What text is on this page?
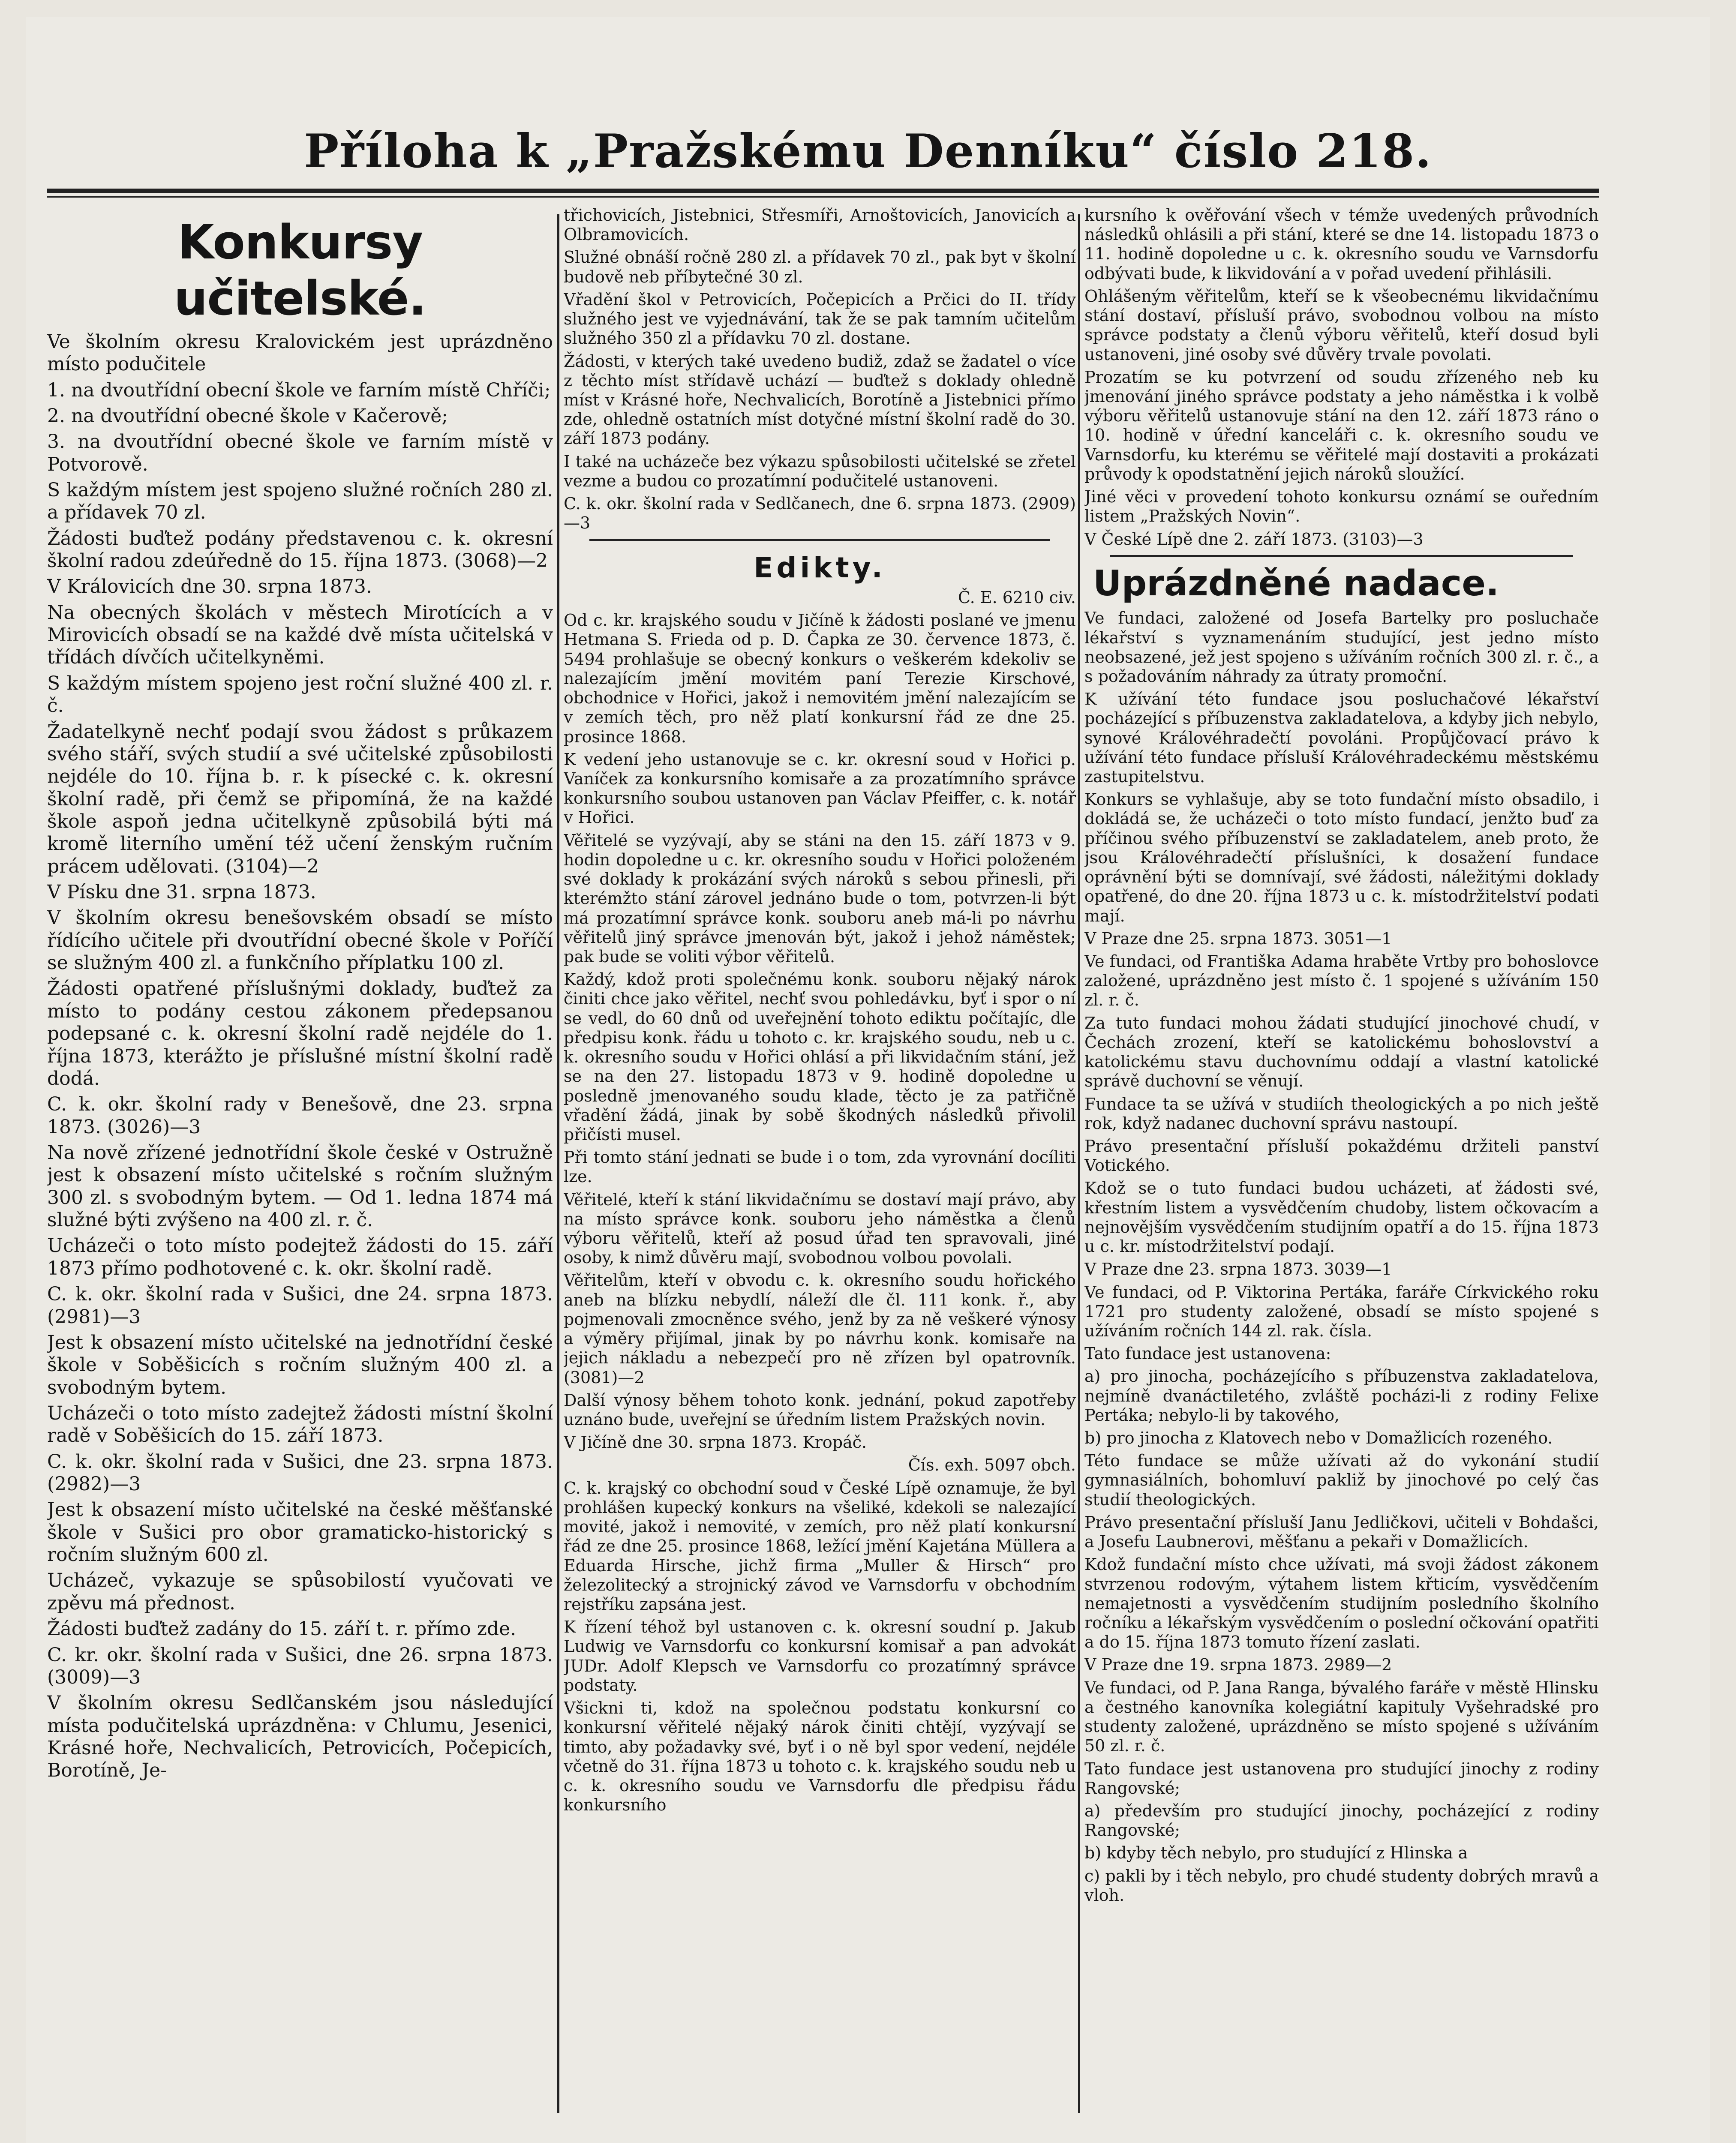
Příloha k „Pražskému Denníku“ číslo 218.
Konkursy učitelské.

Ve školním okresu Kralovickém jest uprázdněno místo podučitele

1. na dvoutřídní obecní škole ve farním místě Chříči;

2. na dvoutřídní obecné škole v Kačerově;

3. na dvoutřídní obecné škole ve farním místě v Potvorově.

S každým místem jest spojeno služné ročních 280 zl. a přídavek 70 zl.

Žádosti buďtež podány představenou c. k. okresní školní radou zdeúředně do 15. října 1873. (3068)—2

V Královicích dne 30. srpna 1873.

Na obecných školách v městech Mirotících a v Mirovicích obsadí se na každé dvě místa učitelská v třídách dívčích učitelkyněmi.

S každým místem spojeno jest roční služné 400 zl. r. č.

Žadatelkyně nechť podají svou žádost s průkazem svého stáří, svých studií a své učitelské způsobilosti nejdéle do 10. října b. r. k písecké c. k. okresní školní radě, při čemž se připomíná, že na každé škole aspoň jedna učitelkyně způsobilá býti má kromě literního umění též učení ženským ručním prácem udělovati. (3104)—2

V Písku dne 31. srpna 1873.

V školním okresu benešovském obsadí se místo řídícího učitele při dvoutřídní obecné škole v Poříčí se služným 400 zl. a funkčního příplatku 100 zl.

Žádosti opatřené příslušnými doklady, buďtež za místo to podány cestou zákonem předepsanou podepsané c. k. okresní školní radě nejdéle do 1. října 1873, kterážto je příslušné místní školní radě dodá.

C. k. okr. školní rady v Benešově, dne 23. srpna 1873. (3026)—3

Na nově zřízené jednotřídní škole české v Ostružně jest k obsazení místo učitelské s ročním služným 300 zl. s svobodným bytem. — Od 1. ledna 1874 má služné býti zvýšeno na 400 zl. r. č.

Ucházeči o toto místo podejtež žádosti do 15. září 1873 přímo podhotovené c. k. okr. školní radě.

C. k. okr. školní rada v Sušici, dne 24. srpna 1873. (2981)—3

Jest k obsazení místo učitelské na jednotřídní české škole v Soběšicích s ročním služným 400 zl. a svobodným bytem.

Ucházeči o toto místo zadejtež žádosti místní školní radě v Soběšicích do 15. září 1873.

C. k. okr. školní rada v Sušici, dne 23. srpna 1873. (2982)—3

Jest k obsazení místo učitelské na české měšťanské škole v Sušici pro obor gramaticko-historický s ročním služným 600 zl.

Ucházeč, vykazuje se spůsobilostí vyučovati ve zpěvu má přednost.

Žádosti buďtež zadány do 15. září t. r. přímo zde.

C. kr. okr. školní rada v Sušici, dne 26. srpna 1873. (3009)—3

V školním okresu Sedlčanském jsou následující místa podučitelská uprázdněna: v Chlumu, Jesenici, Krásné hoře, Nechvalicích, Petrovicích, Počepicích, Borotíně, Je-

třichovicích, Jistebnici, Střesmíři, Arnoštovicích, Janovicích a Olbramovicích.

Služné obnáší ročně 280 zl. a přídavek 70 zl., pak byt v školní budově neb příbytečné 30 zl.

Vřadění škol v Petrovicích, Počepicích a Prčici do II. třídy služného jest ve vyjednávání, tak že se pak tamním učitelům služného 350 zl a přídavku 70 zl. dostane.

Žádosti, v kterých také uvedeno budiž, zdaž se žadatel o více z těchto míst střídavě uchází — buďtež s doklady ohledně míst v Krásné hoře, Nechvalicích, Borotíně a Jistebnici přímo zde, ohledně ostatních míst dotyčné místní školní radě do 30. září 1873 podány.

I také na ucházeče bez výkazu spůsobilosti učitelské se zřetel vezme a budou co prozatímní podučitelé ustanoveni.

C. k. okr. školní rada v Sedlčanech, dne 6. srpna 1873. (2909)—3

Edikty.

Č. E. 6210 civ.

Od c. kr. krajského soudu v Jičíně k žádosti poslané ve jmenu Hetmana S. Frieda od p. D. Čapka ze 30. července 1873, č. 5494 prohlašuje se obecný konkurs o veškerém kdekoliv se nalezajícím jmění movitém paní Terezie Kirschové, obchodnice v Hořici, jakož i nemovitém jmění nalezajícím se v zemích těch, pro něž platí konkursní řád ze dne 25. prosince 1868.

K vedení jeho ustanovuje se c. kr. okresní soud v Hořici p. Vaníček za konkursního komisaře a za prozatímního správce konkursního soubou ustanoven pan Václav Pfeiffer, c. k. notář v Hořici.

Věřitelé se vyzývají, aby se stáni na den 15. září 1873 v 9. hodin dopoledne u c. kr. okresního soudu v Hořici položeném své doklady k prokázání svých nároků s sebou přinesli, při kterémžto stání zárovel jednáno bude o tom, potvrzen-li být má prozatímní správce konk. souboru aneb má-li po návrhu věřitelů jiný správce jmenován být, jakož i jehož náměstek; pak bude se voliti výbor věřitelů.

Každý, kdož proti společnému konk. souboru nějaký nárok činiti chce jako věřitel, nechť svou pohledávku, byť i spor o ní se vedl, do 60 dnů od uveřejnění tohoto ediktu počítajíc, dle předpisu konk. řádu u tohoto c. kr. krajského soudu, neb u c. k. okresního soudu v Hořici ohlásí a při likvidačním stání, jež se na den 27. listopadu 1873 v 9. hodině dopoledne u posledně jmenovaného soudu klade, těcto je za patřičně vřadění žádá, jinak by sobě škodných následků přivolil přičísti musel.

Při tomto stání jednati se bude i o tom, zda vyrovnání docíliti lze.

Věřitelé, kteří k stání likvidačnímu se dostaví mají právo, aby na místo správce konk. souboru jeho náměstka a členů výboru věřitelů, kteří až posud úřad ten spravovali, jiné osoby, k nimž důvěru mají, svobodnou volbou povolali.

Věřitelům, kteří v obvodu c. k. okresního soudu hořického aneb na blízku nebydlí, náleží dle čl. 111 konk. ř., aby pojmenovali zmocněnce svého, jenž by za ně veškeré výnosy a výměry přijímal, jinak by po návrhu konk. komisaře na jejich nákladu a nebezpečí pro ně zřízen byl opatrovník. (3081)—2

Další výnosy během tohoto konk. jednání, pokud zapotřeby uznáno bude, uveřejní se úředním listem Pražských novin.

V Jičíně dne 30. srpna 1873. Kropáč.

Čís. exh. 5097 obch.

C. k. krajský co obchodní soud v České Lípě oznamuje, že byl prohlášen kupecký konkurs na všeliké, kdekoli se nalezající movité, jakož i nemovité, v zemích, pro něž platí konkursní řád ze dne 25. prosince 1868, ležící jmění Kajetána Müllera a Eduarda Hirsche, jichž firma „Muller & Hirsch“ pro železolitecký a strojnický závod ve Varnsdorfu v obchodním rejstříku zapsána jest.

K řízení téhož byl ustanoven c. k. okresní soudní p. Jakub Ludwig ve Varnsdorfu co konkursní komisař a pan advokát JUDr. Adolf Klepsch ve Varnsdorfu co prozatímný správce podstaty.

Všickni ti, kdož na společnou podstatu konkursní co konkursní věřitelé nějaký nárok činiti chtějí, vyzývají se timto, aby požadavky své, byť i o ně byl spor vedení, nejdéle včetně do 31. října 1873 u tohoto c. k. krajského soudu neb u c. k. okresního soudu ve Varnsdorfu dle předpisu řádu konkursního

kursního k ověřování všech v témže uvedených průvodních následků ohlásili a při stání, které se dne 14. listopadu 1873 o 11. hodině dopoledne u c. k. okresního soudu ve Varnsdorfu odbývati bude, k likvidování a v pořad uvedení přihlásili.

Ohlášeným věřitelům, kteří se k všeobecnému likvidačnímu stání dostaví, přísluší právo, svobodnou volbou na místo správce podstaty a členů výboru věřitelů, kteří dosud byli ustanoveni, jiné osoby své důvěry trvale povolati.

Prozatím se ku potvrzení od soudu zřízeného neb ku jmenování jiného správce podstaty a jeho náměstka i k volbě výboru věřitelů ustanovuje stání na den 12. září 1873 ráno o 10. hodině v úřední kanceláři c. k. okresního soudu ve Varnsdorfu, ku kterému se věřitelé mají dostaviti a prokázati průvody k opodstatnění jejich nároků sloužící.

Jiné věci v provedení tohoto konkursu oznámí se ouředním listem „Pražských Novin“.

V České Lípě dne 2. září 1873. (3103)—3

Uprázdněné nadace.

Ve fundaci, založené od Josefa Bartelky pro posluchače lékařství s vyznamenáním studující, jest jedno místo neobsazené, jež jest spojeno s užíváním ročních 300 zl. r. č., a s požadováním náhrady za útraty promoční.

K užívání této fundace jsou posluchačové lékařství pocházející s příbuzenstva zakladatelova, a kdyby jich nebylo, synové Královéhradečtí povoláni. Propůjčovací právo k užívání této fundace přísluší Královéhradeckému městskému zastupitelstvu.

Konkurs se vyhlašuje, aby se toto fundační místo obsadilo, i dokládá se, že ucházeči o toto místo fundací, jenžto buď za příčinou svého příbuzenství se zakladatelem, aneb proto, že jsou Královéhradečtí příslušníci, k dosažení fundace oprávnění býti se domnívají, své žádosti, náležitými doklady opatřené, do dne 20. října 1873 u c. k. místodržitelství podati mají.

V Praze dne 25. srpna 1873. 3051—1

Ve fundaci, od Františka Adama hraběte Vrtby pro bohoslovce založené, uprázdněno jest místo č. 1 spojené s užíváním 150 zl. r. č.

Za tuto fundaci mohou žádati studující jinochové chudí, v Čechách zrození, kteří se katolickému bohoslovství a katolickému stavu duchovnímu oddají a vlastní katolické správě duchovní se věnují.

Fundace ta se užívá v studiích theologických a po nich ještě rok, když nadanec duchovní správu nastoupí.

Právo presentační přísluší pokaždému držiteli panství Votického.

Kdož se o tuto fundaci budou ucházeti, ať žádosti své, křestním listem a vysvědčením chudoby, listem očkovacím a nejnovějším vysvědčením studijním opatří a do 15. října 1873 u c. kr. místodržitelství podají.

V Praze dne 23. srpna 1873. 3039—1

Ve fundaci, od P. Viktorina Pertáka, faráře Církvického roku 1721 pro studenty založené, obsadí se místo spojené s užíváním ročních 144 zl. rak. čísla.

Tato fundace jest ustanovena:

a) pro jinocha, pocházejícího s příbuzenstva zakladatelova, nejmíně dvanáctiletého, zvláště pocházi-li z rodiny Felixe Pertáka; nebylo-li by takového,

b) pro jinocha z Klatovech nebo v Domažlicích rozeného.

Této fundace se může užívati až do vykonání studií gymnasiálních, bohomluví pakliž by jinochové po celý čas studií theologických.

Právo presentační přísluší Janu Jedličkovi, učiteli v Bohdašci, a Josefu Laubnerovi, měšťanu a pekaři v Domažlicích.

Kdož fundační místo chce užívati, má svoji žádost zákonem stvrzenou rodovým, výtahem listem křticím, vysvědčením nemajetnosti a vysvědčením studijním posledního školního ročníku a lékařským vysvědčením o poslední očkování opatřiti a do 15. října 1873 tomuto řízení zaslati.

V Praze dne 19. srpna 1873. 2989—2

Ve fundaci, od P. Jana Ranga, bývalého faráře v městě Hlinsku a čestného kanovníka kolegiátní kapituly Vyšehradské pro studenty založené, uprázdněno se místo spojené s užíváním 50 zl. r. č.

Tato fundace jest ustanovena pro studující jinochy z rodiny Rangovské;

a) především pro studující jinochy, pocházející z rodiny Rangovské;

b) kdyby těch nebylo, pro studující z Hlinska a

c) pakli by i těch nebylo, pro chudé studenty dobrých mravů a vloh.
